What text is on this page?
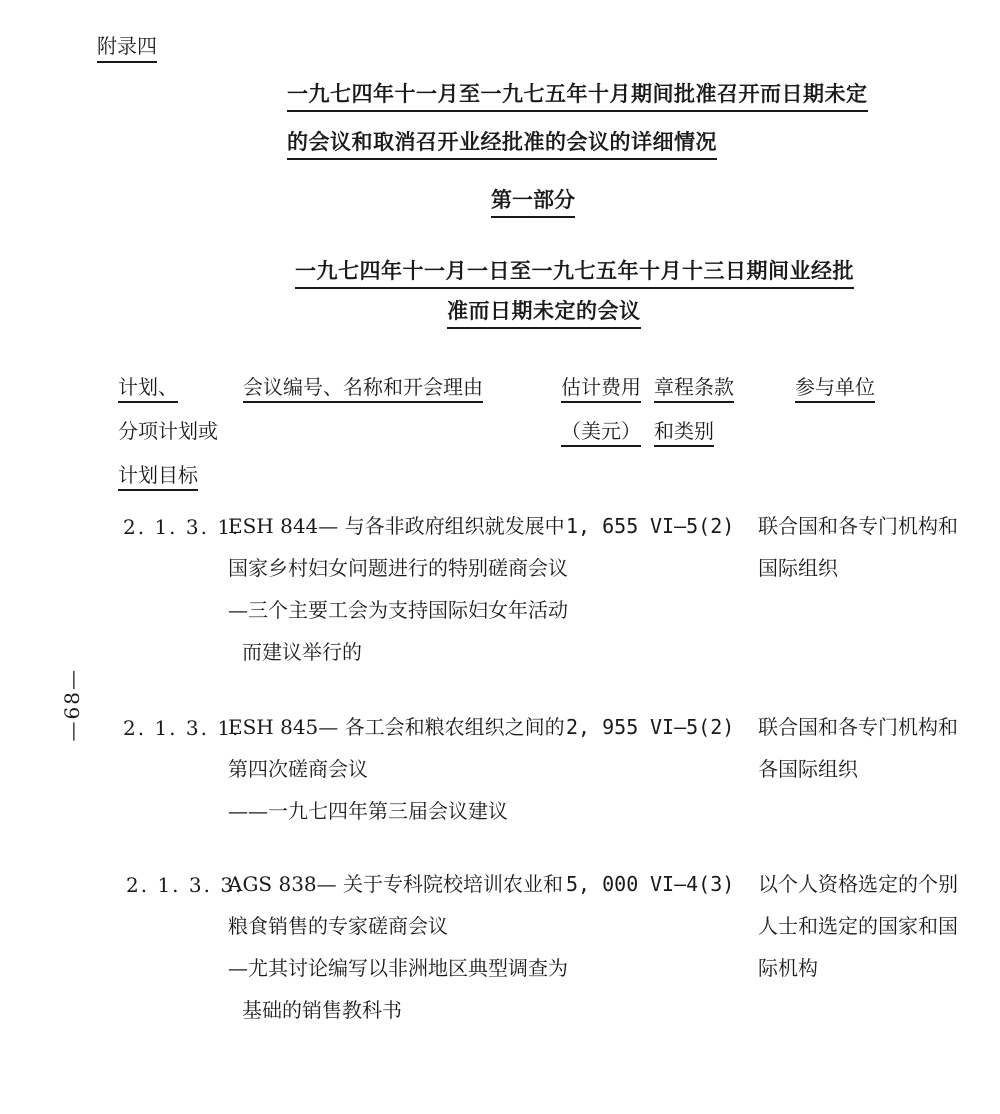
附录四
一九七四年十一月至一九七五年十月期间批准召开而日期未定
的会议和取消召开业经批准的会议的详细情况
第一部分
一九七四年十一月一日至一九七五年十月十三日期间业经批
准而日期未定的会议
计划、
分项计划或
计划目标
会议编号、名称和开会理由	估计费用
（美元）
章程条款
和类别
参与单位
—68—
2. 1. 3. 1.
ESH 844— 与各非政府组织就发展中
国家乡村妇女问题进行的特别磋商会议
—三个主要工会为支持国际妇女年活动
而建议举行的
1, 655 VI—5(2) 联合国和各专门机构和
国际组织
2. 1. 3. 1.
ESH 845— 各工会和粮农组织之间的
第四次磋商会议
——一九七四年第三届会议建议
2, 955 VI—5(2) 联合国和各专门机构和
各国际组织
2. 1. 3. 3.
AGS 838— 关于专科院校培训农业和
粮食销售的专家磋商会议
—尤其讨论编写以非洲地区典型调查为
基础的销售教科书
5, 000 VI—4(3) 以个人资格选定的个别
人士和选定的国家和国
际机构
